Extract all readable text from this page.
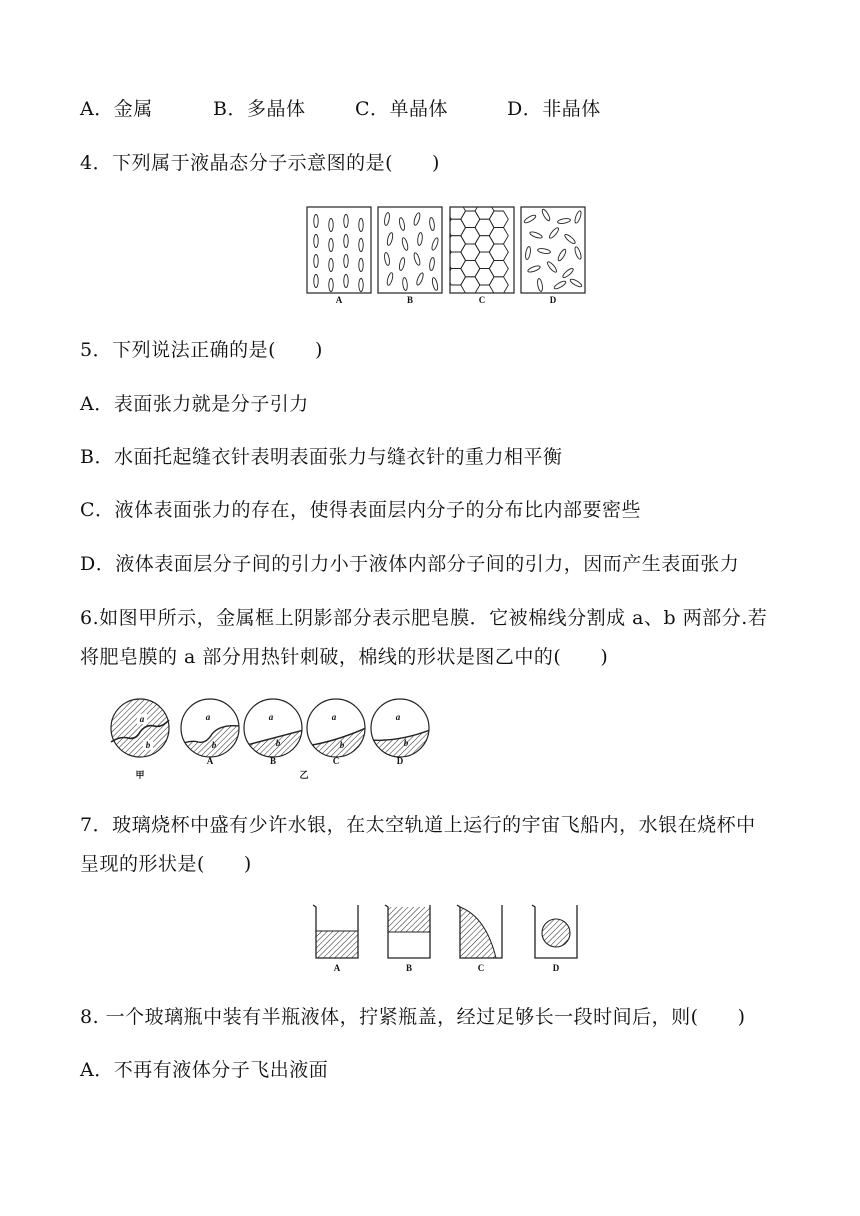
A．金属	B．多晶体	C．单晶体	D．非晶体
4．下列属于液晶态分子示意图的是(　　)
A	B	C	D
5．下列说法正确的是(　　)
A．表面张力就是分子引力
B．水面托起缝衣针表明表面张力与缝衣针的重力相平衡
C．液体表面张力的存在，使得表面层内分子的分布比内部要密些
D．液体表面层分子间的引力小于液体内部分子间的引力，因而产生表面张力
6.如图甲所示，金属框上阴影部分表示肥皂膜．它被棉线分割成 a、b 两部分.若
将肥皂膜的 a 部分用热针刺破，棉线的形状是图乙中的(　　)
a
b
a
b
a
b
a
b
a
b
甲
A	B	C	D
乙
7．玻璃烧杯中盛有少许水银，在太空轨道上运行的宇宙飞船内，水银在烧杯中
呈现的形状是(　　)
A	B	C	D
8. 一个玻璃瓶中装有半瓶液体，拧紧瓶盖，经过足够长一段时间后，则(　　)
A．不再有液体分子飞出液面
